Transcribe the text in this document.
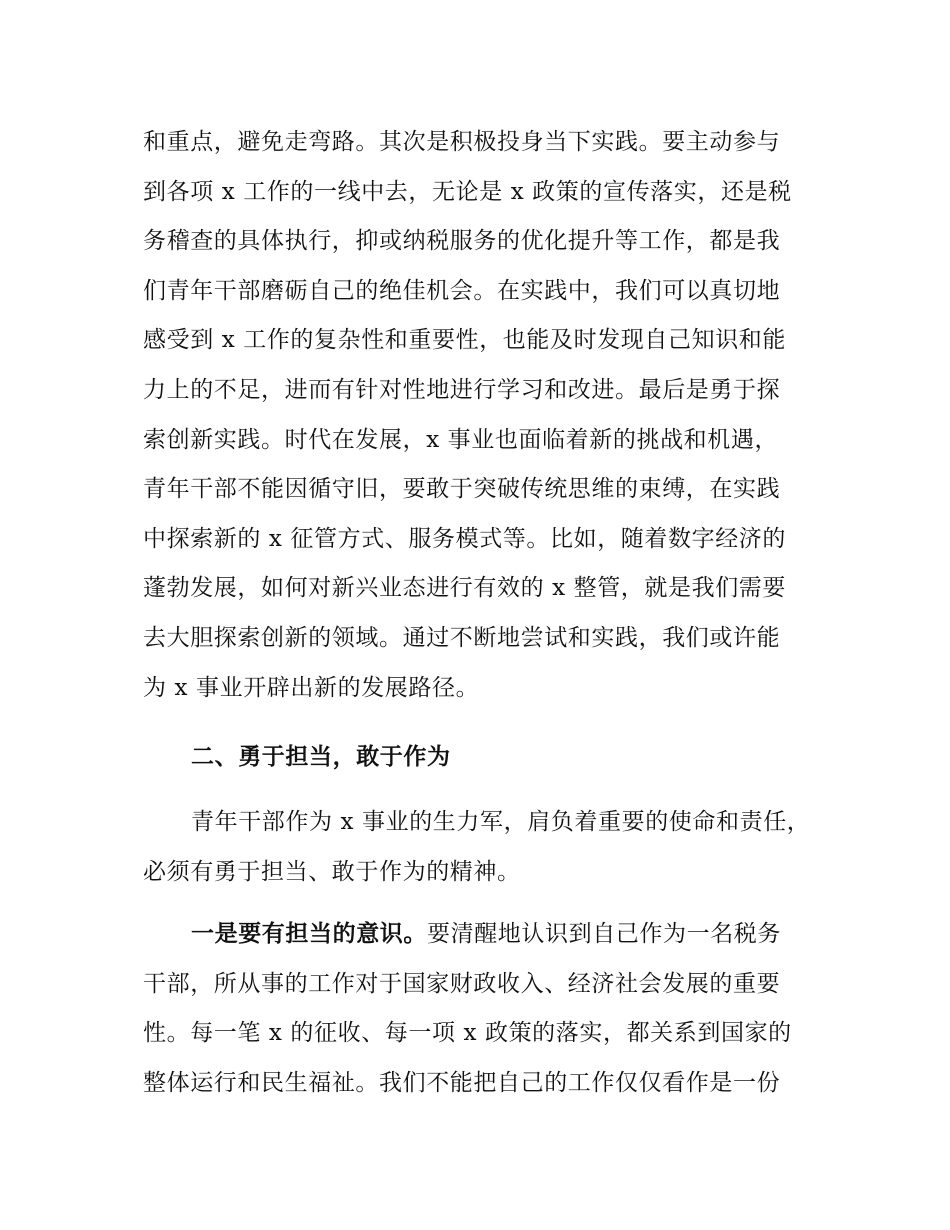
和重点，避免走弯路。其次是积极投身当下实践。要主动参与
到各项 x 工作的一线中去，无论是 x 政策的宣传落实，还是税
务稽查的具体执行，抑或纳税服务的优化提升等工作，都是我
们青年干部磨砺自己的绝佳机会。在实践中，我们可以真切地
感受到 x 工作的复杂性和重要性，也能及时发现自己知识和能
力上的不足，进而有针对性地进行学习和改进。最后是勇于探
索创新实践。时代在发展，x 事业也面临着新的挑战和机遇，
青年干部不能因循守旧，要敢于突破传统思维的束缚，在实践
中探索新的 x 征管方式、服务模式等。比如，随着数字经济的
蓬勃发展，如何对新兴业态进行有效的 x 整管，就是我们需要
去大胆探索创新的领域。通过不断地尝试和实践，我们或许能
为 x 事业开辟出新的发展路径。
二、勇于担当，敢于作为
青年干部作为 x 事业的生力军，肩负着重要的使命和责任，
必须有勇于担当、敢于作为的精神。
一是要有担当的意识。要清醒地认识到自己作为一名税务
干部，所从事的工作对于国家财政收入、经济社会发展的重要
性。每一笔 x 的征收、每一项 x 政策的落实，都关系到国家的
整体运行和民生福祉。我们不能把自己的工作仅仅看作是一份
